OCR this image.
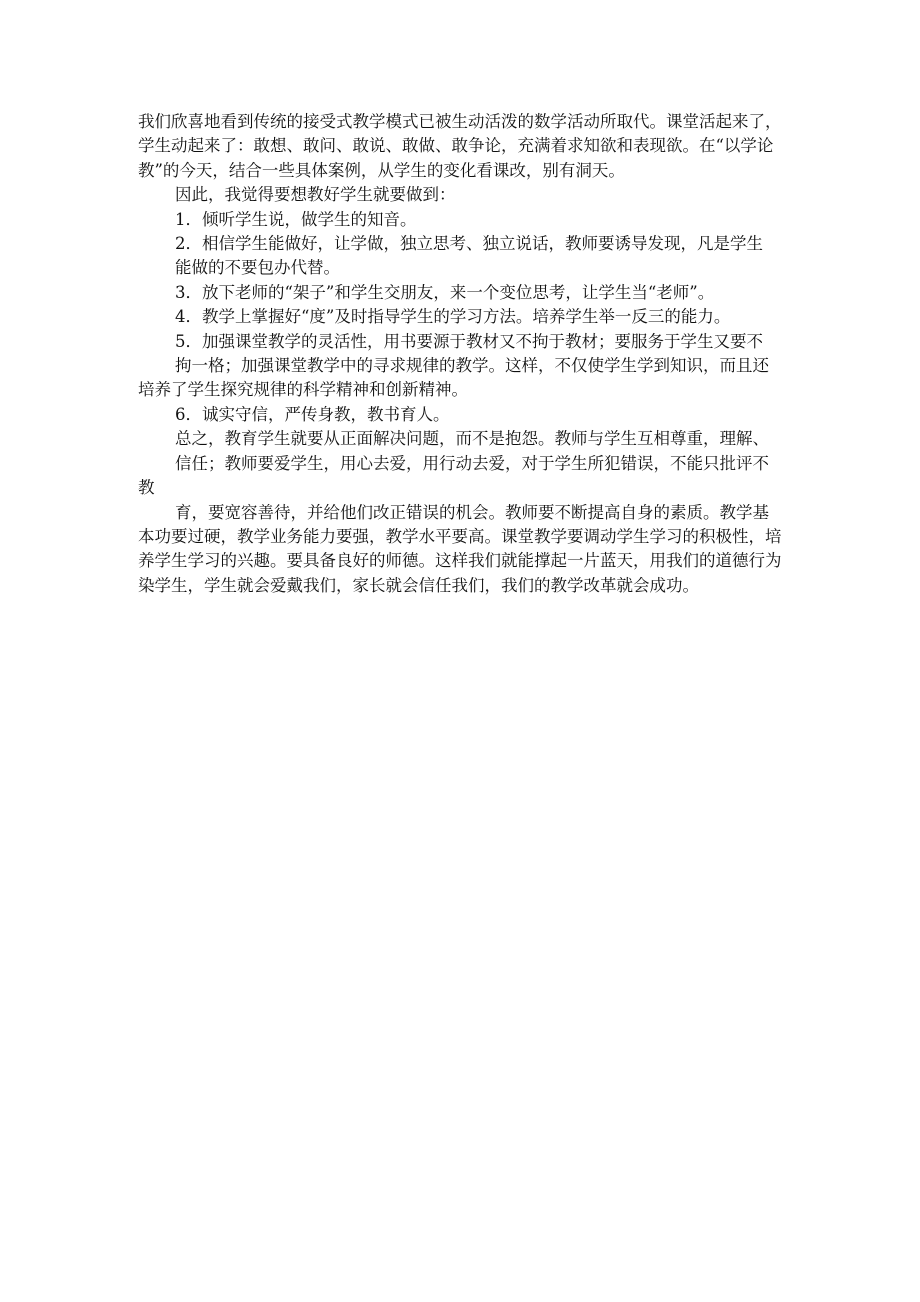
我们欣喜地看到传统的接受式教学模式已被生动活泼的数学活动所取代。课堂活起来了，学生动起来了：敢想、敢问、敢说、敢做、敢争论，充满着求知欲和表现欲。在“以学论教”的今天，结合一些具体案例，从学生的变化看课改，别有洞天。

因此，我觉得要想教好学生就要做到：

1．倾听学生说，做学生的知音。

2．相信学生能做好，让学做，独立思考、独立说话，教师要诱导发现，凡是学生

能做的不要包办代替。

3．放下老师的“架子”和学生交朋友，来一个变位思考，让学生当“老师”。

4．教学上掌握好“度”及时指导学生的学习方法。培养学生举一反三的能力。

5．加强课堂教学的灵活性，用书要源于教材又不拘于教材；要服务于学生又要不

拘一格；加强课堂教学中的寻求规律的教学。这样，不仅使学生学到知识，而且还培养了学生探究规律的科学精神和创新精神。

6．诚实守信，严传身教，教书育人。

总之，教育学生就要从正面解决问题，而不是抱怨。教师与学生互相尊重，理解、

信任；教师要爱学生，用心去爱，用行动去爱，对于学生所犯错误，不能只批评不教

育，要宽容善待，并给他们改正错误的机会。教师要不断提高自身的素质。教学基本功要过硬，教学业务能力要强，教学水平要高。课堂教学要调动学生学习的积极性，培养学生学习的兴趣。要具备良好的师德。这样我们就能撑起一片蓝天，用我们的道德行为染学生，学生就会爱戴我们，家长就会信任我们，我们的教学改革就会成功。
